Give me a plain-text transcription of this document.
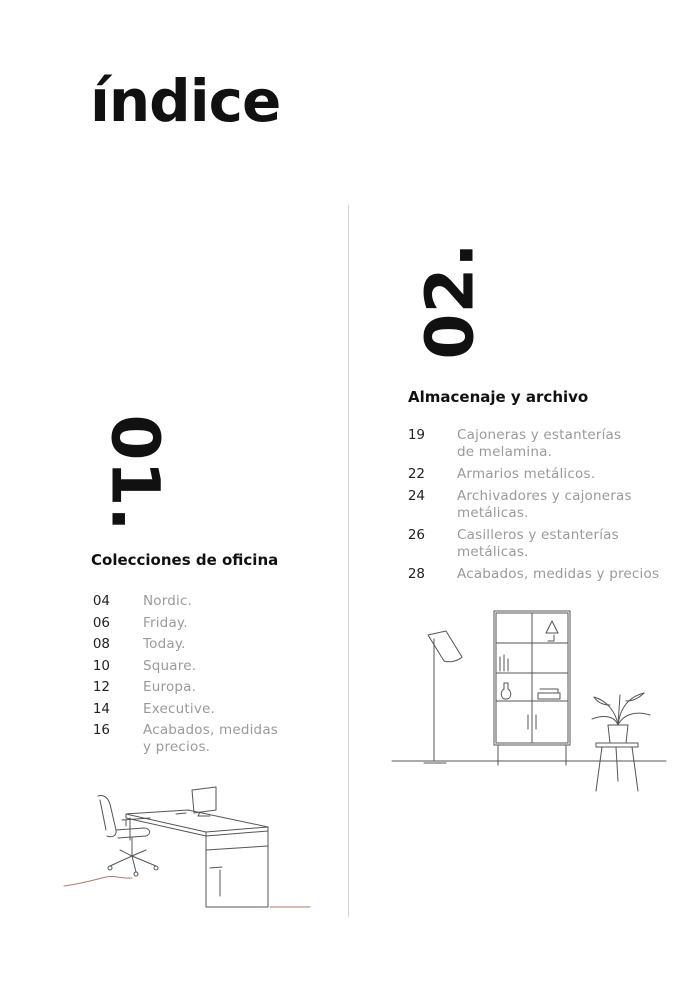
índice
01.
Colecciones de oficina
04 Nordic.
06 Friday.
08 Today.
10 Square.
12 Europa.
14 Executive.
16 Acabados, medidas
y precios.
02.
Almacenaje y archivo
19 Cajoneras y estanterías
de melamina.
22 Armarios metálicos.
24 Archivadores y cajoneras
metálicas.
26 Casilleros y estanterías
metálicas.
28 Acabados, medidas y precios
